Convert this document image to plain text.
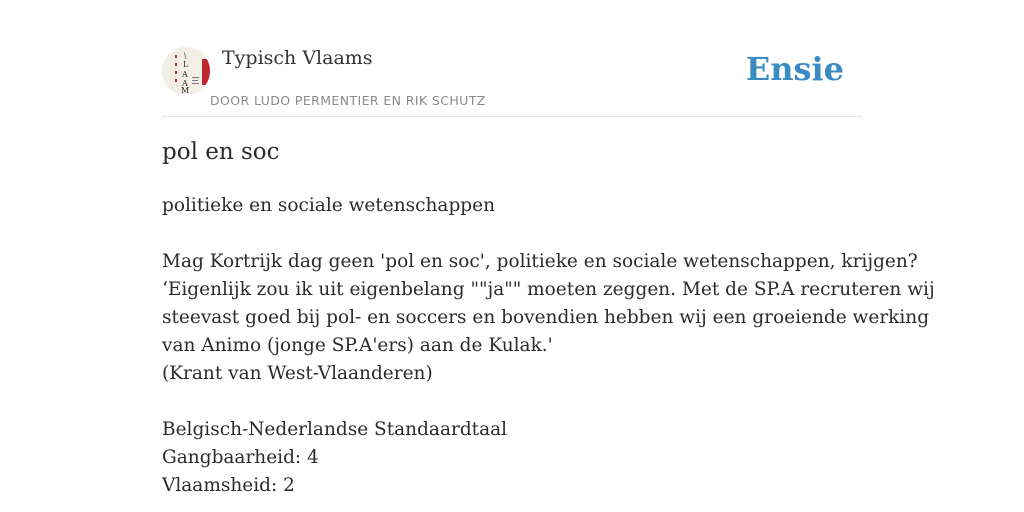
\
L
A
A
M
Typisch Vlaams
DOOR LUDO PERMENTIER EN RIK SCHUTZ
Ensie
pol en soc
politieke en sociale wetenschappen
Mag Kortrijk dag geen 'pol en soc', politieke en sociale wetenschappen, krijgen?
‘Eigenlijk zou ik uit eigenbelang ""ja"" moeten zeggen. Met de SP.A recruteren wij
steevast goed bij pol- en soccers en bovendien hebben wij een groeiende werking
van Animo (jonge SP.A'ers) aan de Kulak.'
(Krant van West-Vlaanderen)
Belgisch-Nederlandse Standaardtaal
Gangbaarheid: 4
Vlaamsheid: 2
